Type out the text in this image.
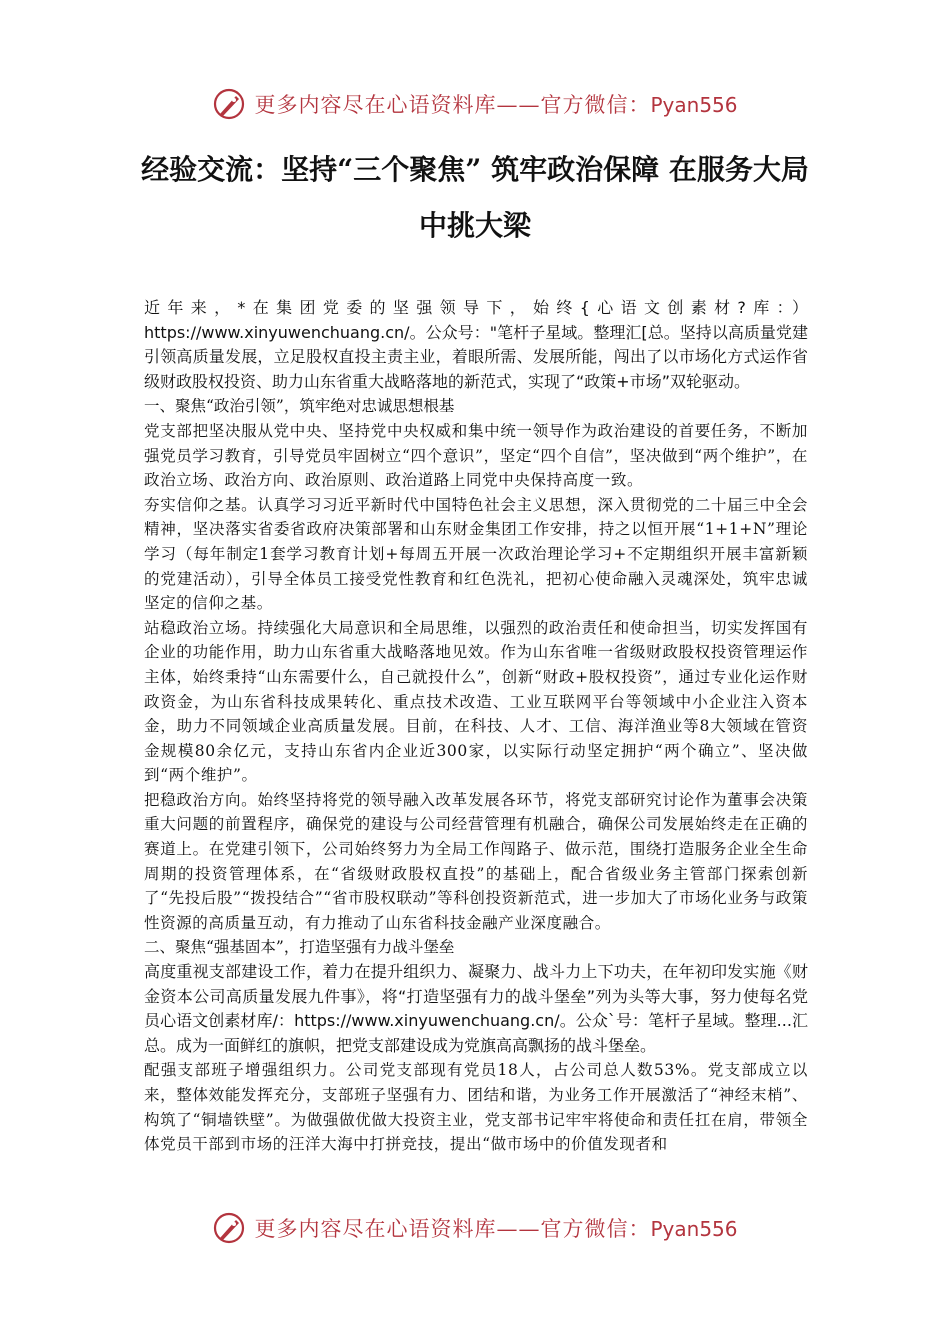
更多内容尽在心语资料库——官方微信：Pyan556
经验交流：坚持“三个聚焦” 筑牢政治保障 在服务大局中挑大梁

近年来，*在集团党委的坚强领导下，始终{心语文创素材?库：）https://www.xinyuwenchuang.cn/。公众号："笔杆子星域。整理汇[总。坚持以高质量党建引领高质量发展，立足股权直投主责主业，着眼所需、发展所能，闯出了以市场化方式运作省级财政股权投资、助力山东省重大战略落地的新范式，实现了“政策+市场”双轮驱动。

一、聚焦“政治引领”，筑牢绝对忠诚思想根基

党支部把坚决服从党中央、坚持党中央权威和集中统一领导作为政治建设的首要任务，不断加强党员学习教育，引导党员牢固树立“四个意识”，坚定“四个自信”，坚决做到“两个维护”，在政治立场、政治方向、政治原则、政治道路上同党中央保持高度一致。

夯实信仰之基。认真学习习近平新时代中国特色社会主义思想，深入贯彻党的二十届三中全会精神，坚决落实省委省政府决策部署和山东财金集团工作安排，持之以恒开展“1+1+N”理论学习（每年制定1套学习教育计划+每周五开展一次政治理论学习+不定期组织开展丰富新颖的党建活动），引导全体员工接受党性教育和红色洗礼，把初心使命融入灵魂深处，筑牢忠诚坚定的信仰之基。

站稳政治立场。持续强化大局意识和全局思维，以强烈的政治责任和使命担当，切实发挥国有企业的功能作用，助力山东省重大战略落地见效。作为山东省唯一省级财政股权投资管理运作主体，始终秉持“山东需要什么，自己就投什么”，创新“财政+股权投资”，通过专业化运作财政资金，为山东省科技成果转化、重点技术改造、工业互联网平台等领域中小企业注入资本金，助力不同领域企业高质量发展。目前，在科技、人才、工信、海洋渔业等8大领域在管资金规模80余亿元，支持山东省内企业近300家，以实际行动坚定拥护“两个确立”、坚决做到“两个维护”。

把稳政治方向。始终坚持将党的领导融入改革发展各环节，将党支部研究讨论作为董事会决策重大问题的前置程序，确保党的建设与公司经营管理有机融合，确保公司发展始终走在正确的赛道上。在党建引领下，公司始终努力为全局工作闯路子、做示范，围绕打造服务企业全生命周期的投资管理体系，在“省级财政股权直投”的基础上，配合省级业务主管部门探索创新了“先投后股”“拨投结合”“省市股权联动”等科创投资新范式，进一步加大了市场化业务与政策性资源的高质量互动，有力推动了山东省科技金融产业深度融合。

二、聚焦“强基固本”，打造坚强有力战斗堡垒

高度重视支部建设工作，着力在提升组织力、凝聚力、战斗力上下功夫，在年初印发实施《财金资本公司高质量发展九件事》，将“打造坚强有力的战斗堡垒”列为头等大事，努力使每名党员心语文创素材库/：https://www.xinyuwenchuang.cn/。公众`号：笔杆子星域。整理...汇总。成为一面鲜红的旗帜，把党支部建设成为党旗高高飘扬的战斗堡垒。

配强支部班子增强组织力。公司党支部现有党员18人，占公司总人数53%。党支部成立以来，整体效能发挥充分，支部班子坚强有力、团结和谐，为业务工作开展激活了“神经末梢”、构筑了“铜墙铁壁”。为做强做优做大投资主业，党支部书记牢牢将使命和责任扛在肩，带领全体党员干部到市场的汪洋大海中打拼竞技，提出“做市场中的价值发现者和

更多内容尽在心语资料库——官方微信：Pyan556
